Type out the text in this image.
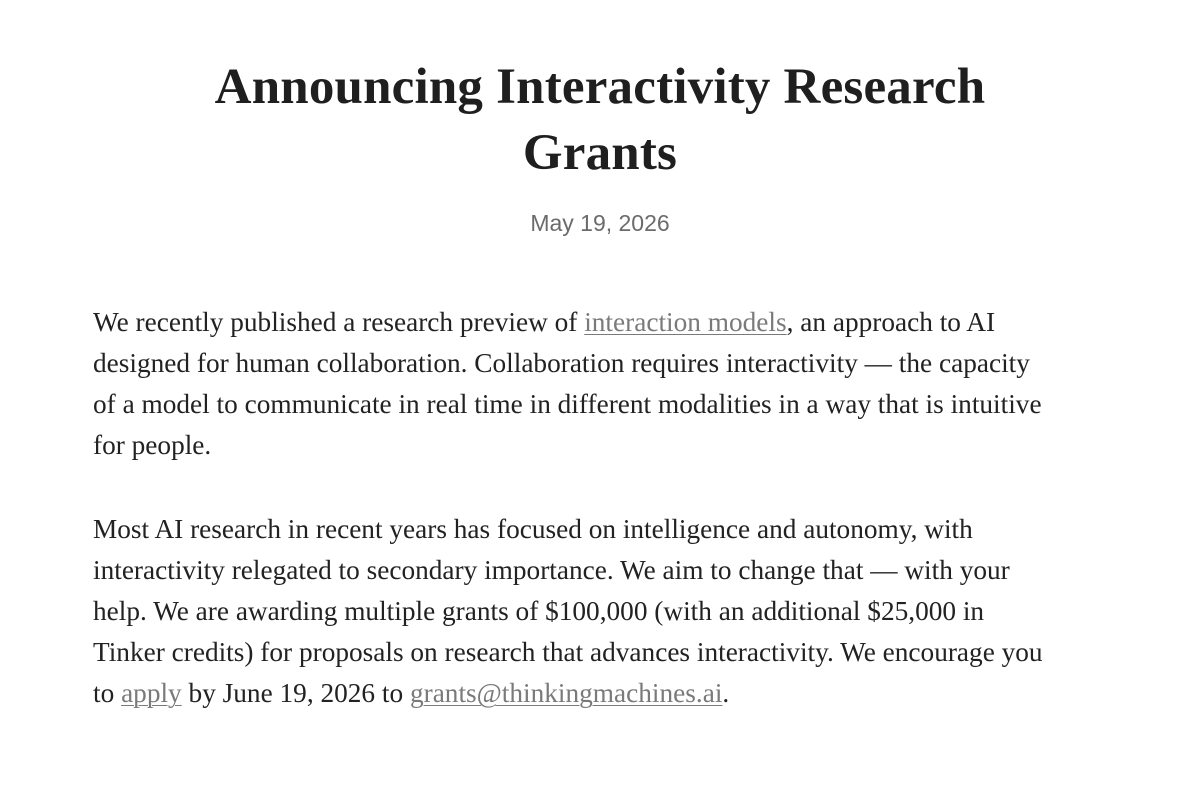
Announcing Interactivity Research
Grants
May 19, 2026

We recently published a research preview of interaction models, an approach to AI
designed for human collaboration. Collaboration requires interactivity — the capacity
of a model to communicate in real time in different modalities in a way that is intuitive
for people.

Most AI research in recent years has focused on intelligence and autonomy, with
interactivity relegated to secondary importance. We aim to change that — with your
help. We are awarding multiple grants of $100,000 (with an additional $25,000 in
Tinker credits) for proposals on research that advances interactivity. We encourage you
to apply by June 19, 2026 to grants@thinkingmachines.ai.
